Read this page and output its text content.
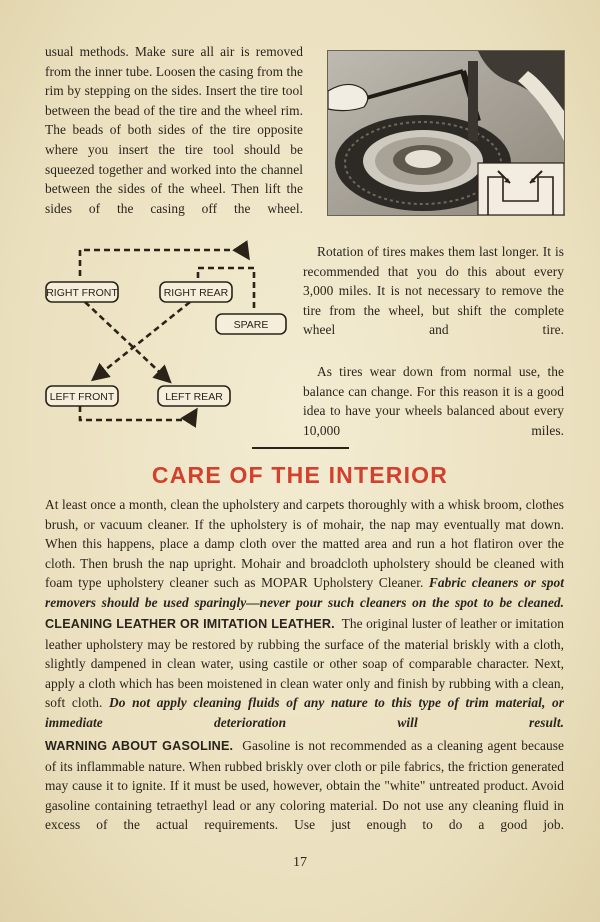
usual methods. Make sure all air is removed from the inner tube. Loosen the casing from the rim by stepping on the sides. Insert the tire tool between the bead of the tire and the wheel rim. The beads of both sides of the tire opposite where you insert the tire tool should be squeezed together and worked into the channel between the sides of the wheel. Then lift the sides of the casing off the wheel.

RIGHT FRONT	RIGHT REAR
SPARE
LEFT FRONT	LEFT REAR

Rotation of tires makes them last longer. It is recommended that you do this about every 3,000 miles. It is not necessary to remove the tire from the wheel, but shift the complete wheel and tire.

As tires wear down from normal use, the balance can change. For this reason it is a good idea to have your wheels balanced about every 10,000 miles.

CARE OF THE INTERIOR

At least once a month, clean the upholstery and carpets thoroughly with a whisk broom, clothes brush, or vacuum cleaner. If the upholstery is of mohair, the nap may eventually mat down. When this happens, place a damp cloth over the matted area and run a hot flatiron over the cloth. Then brush the nap upright. Mohair and broadcloth upholstery should be cleaned with foam type upholstery cleaner such as MOPAR Upholstery Cleaner. Fabric cleaners or spot removers should be used sparingly—never pour such cleaners on the spot to be cleaned.

CLEANING LEATHER OR IMITATION LEATHER. The original luster of leather or imitation leather upholstery may be restored by rubbing the surface of the material briskly with a cloth, slightly dampened in clean water, using castile or other soap of comparable character. Next, apply a cloth which has been moistened in clean water only and finish by rubbing with a clean, soft cloth. Do not apply cleaning fluids of any nature to this type of trim material, or immediate deterioration will result.

WARNING ABOUT GASOLINE. Gasoline is not recommended as a cleaning agent because of its inflammable nature. When rubbed briskly over cloth or pile fabrics, the friction generated may cause it to ignite. If it must be used, however, obtain the "white" untreated product. Avoid gasoline containing tetraethyl lead or any coloring material. Do not use any cleaning fluid in excess of the actual requirements. Use just enough to do a good job.

17
